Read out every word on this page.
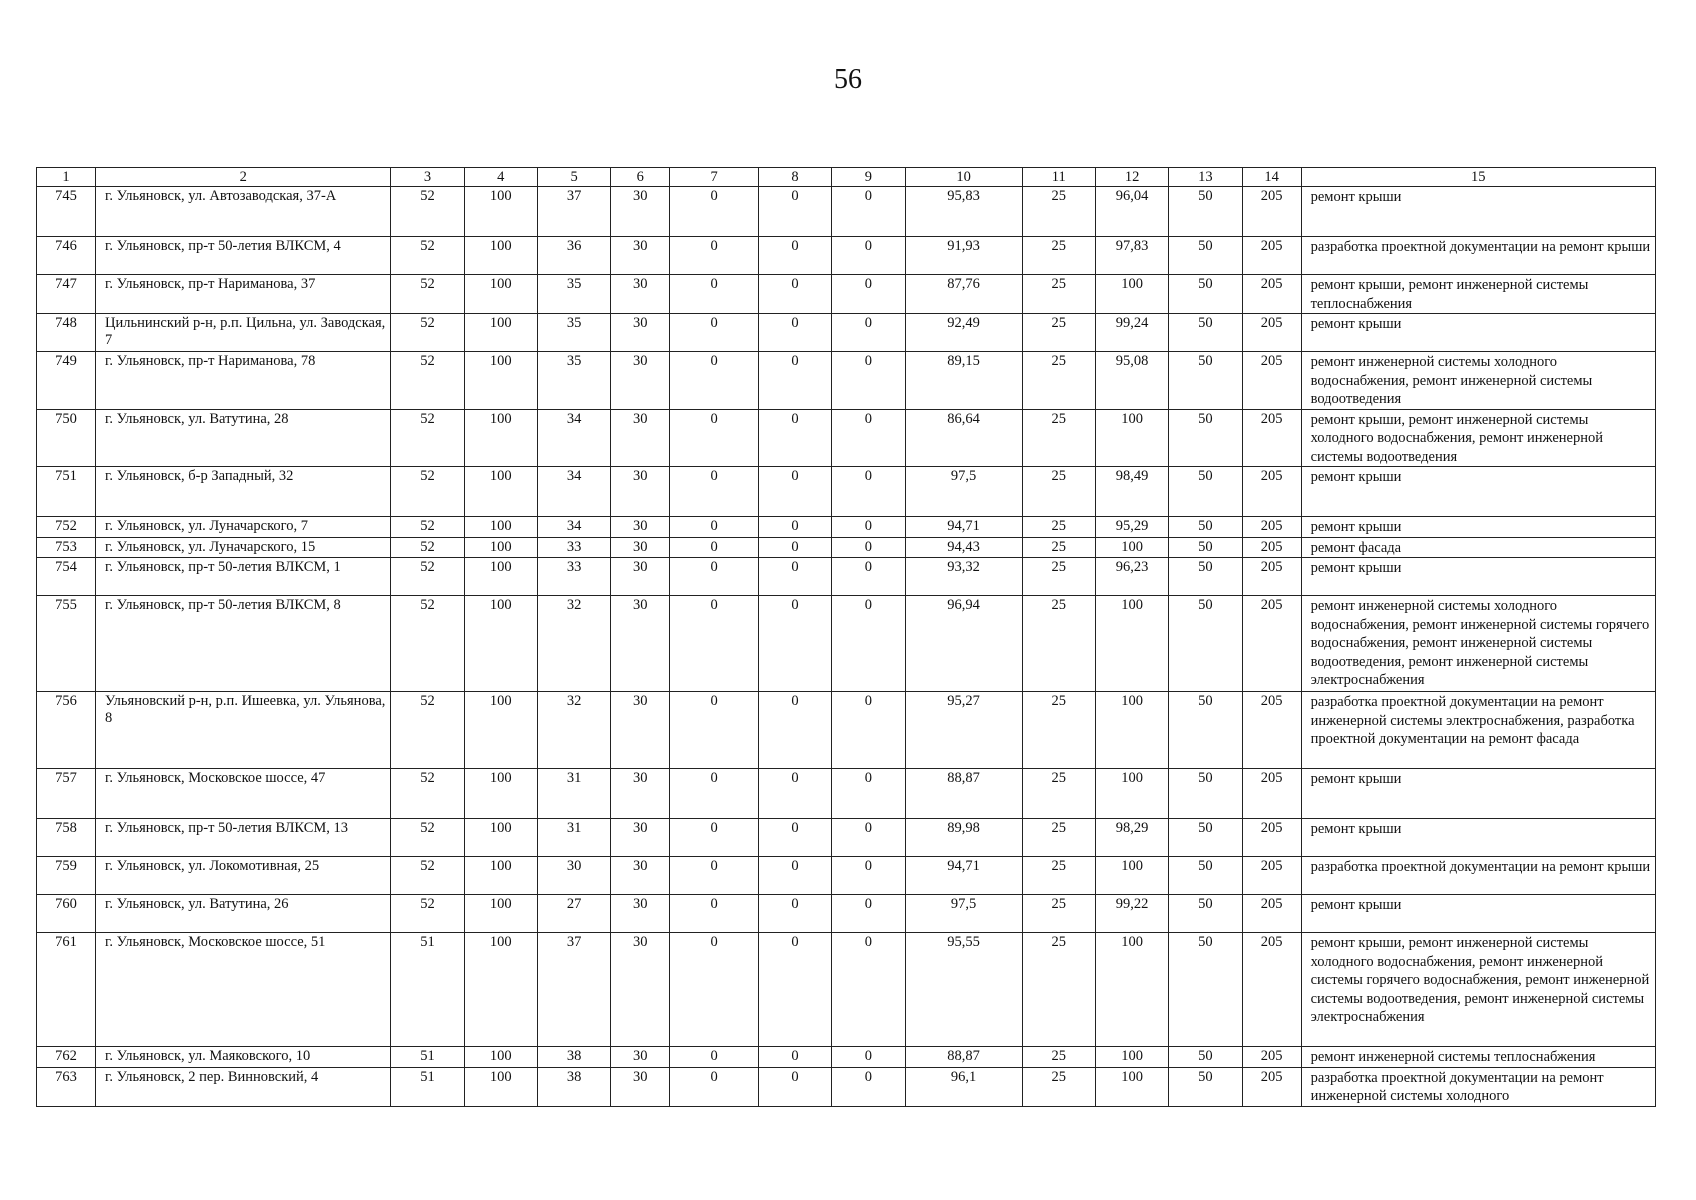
56
1	2	3	4	5	6	7	8	9	10	11	12	13	14	15
745	г. Ульяновск, ул. Автозаводская, 37-А	52	100	37	30	0	0	0	95,83	25	96,04	50	205	ремонт крыши
746	г. Ульяновск, пр-т 50-летия ВЛКСМ, 4	52	100	36	30	0	0	0	91,93	25	97,83	50	205	разработка проектной документации на ремонт крыши
747	г. Ульяновск, пр-т Нариманова, 37	52	100	35	30	0	0	0	87,76	25	100	50	205	ремонт крыши, ремонт инженерной системы теплоснабжения
748	Цильнинский р-н, р.п. Цильна, ул. Заводская, 7	52	100	35	30	0	0	0	92,49	25	99,24	50	205	ремонт крыши
749	г. Ульяновск, пр-т Нариманова, 78	52	100	35	30	0	0	0	89,15	25	95,08	50	205	ремонт инженерной системы холодного водоснабжения, ремонт инженерной системы водоотведения
750	г. Ульяновск, ул. Ватутина, 28	52	100	34	30	0	0	0	86,64	25	100	50	205	ремонт крыши, ремонт инженерной системы холодного водоснабжения, ремонт инженерной системы водоотведения
751	г. Ульяновск, б-р Западный, 32	52	100	34	30	0	0	0	97,5	25	98,49	50	205	ремонт крыши
752	г. Ульяновск, ул. Луначарского, 7	52	100	34	30	0	0	0	94,71	25	95,29	50	205	ремонт крыши
753	г. Ульяновск, ул. Луначарского, 15	52	100	33	30	0	0	0	94,43	25	100	50	205	ремонт фасада
754	г. Ульяновск, пр-т 50-летия ВЛКСМ, 1	52	100	33	30	0	0	0	93,32	25	96,23	50	205	ремонт крыши
755	г. Ульяновск, пр-т 50-летия ВЛКСМ, 8	52	100	32	30	0	0	0	96,94	25	100	50	205	ремонт инженерной системы холодного водоснабжения, ремонт инженерной системы горячего водоснабжения, ремонт инженерной системы водоотведения, ремонт инженерной системы электроснабжения
756	Ульяновский р-н, р.п. Ишеевка, ул. Ульянова, 8	52	100	32	30	0	0	0	95,27	25	100	50	205	разработка проектной документации на ремонт инженерной системы электроснабжения, разработка проектной документации на ремонт фасада
757	г. Ульяновск, Московское шоссе, 47	52	100	31	30	0	0	0	88,87	25	100	50	205	ремонт крыши
758	г. Ульяновск, пр-т 50-летия ВЛКСМ, 13	52	100	31	30	0	0	0	89,98	25	98,29	50	205	ремонт крыши
759	г. Ульяновск, ул. Локомотивная, 25	52	100	30	30	0	0	0	94,71	25	100	50	205	разработка проектной документации на ремонт крыши
760	г. Ульяновск, ул. Ватутина, 26	52	100	27	30	0	0	0	97,5	25	99,22	50	205	ремонт крыши
761	г. Ульяновск, Московское шоссе, 51	51	100	37	30	0	0	0	95,55	25	100	50	205	ремонт крыши, ремонт инженерной системы холодного водоснабжения, ремонт инженерной системы горячего водоснабжения, ремонт инженерной системы водоотведения, ремонт инженерной системы электроснабжения
762	г. Ульяновск, ул. Маяковского, 10	51	100	38	30	0	0	0	88,87	25	100	50	205	ремонт инженерной системы теплоснабжения
763	г. Ульяновск, 2 пер. Винновский, 4	51	100	38	30	0	0	0	96,1	25	100	50	205	разработка проектной документации на ремонт инженерной системы холодного
